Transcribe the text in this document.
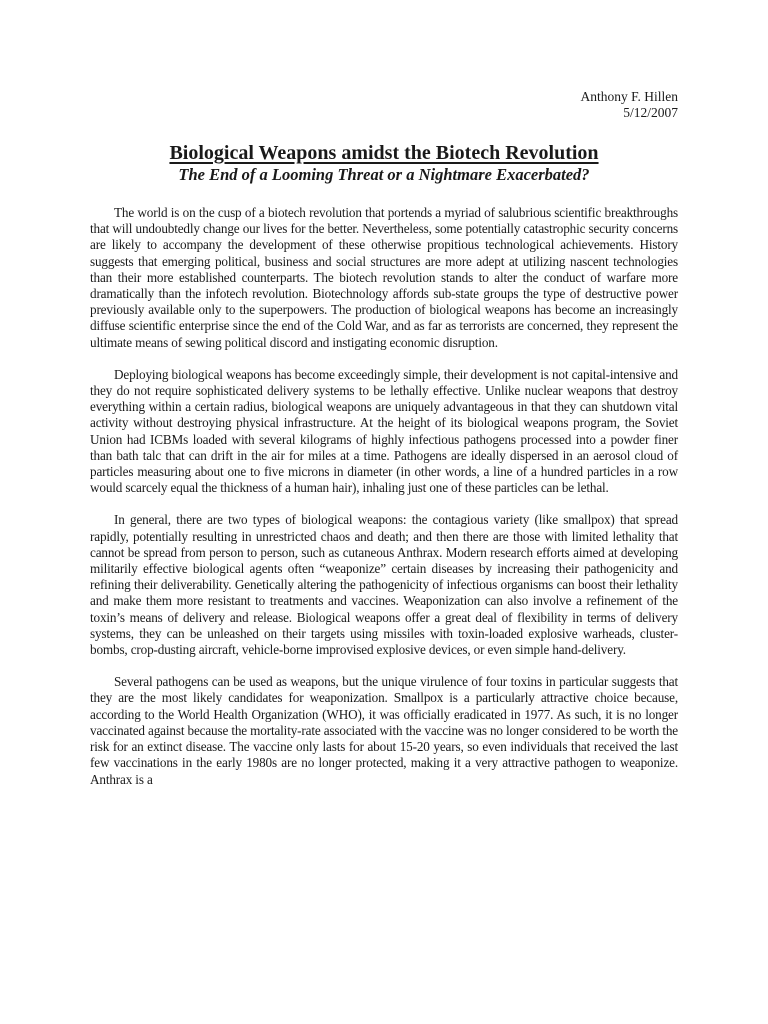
Anthony F. Hillen
5/12/2007
Biological Weapons amidst the Biotech Revolution
The End of a Looming Threat or a Nightmare Exacerbated?

The world is on the cusp of a biotech revolution that portends a myriad of salubrious scientific breakthroughs that will undoubtedly change our lives for the better. Nevertheless, some potentially catastrophic security concerns are likely to accompany the development of these otherwise propitious technological achievements. History suggests that emerging political, business and social structures are more adept at utilizing nascent technologies than their more established counterparts. The biotech revolution stands to alter the conduct of warfare more dramatically than the infotech revolution. Biotechnology affords sub-state groups the type of destructive power previously available only to the superpowers. The production of biological weapons has become an increasingly diffuse scientific enterprise since the end of the Cold War, and as far as terrorists are concerned, they represent the ultimate means of sewing political discord and instigating economic disruption.

Deploying biological weapons has become exceedingly simple, their development is not capital-intensive and they do not require sophisticated delivery systems to be lethally effective. Unlike nuclear weapons that destroy everything within a certain radius, biological weapons are uniquely advantageous in that they can shutdown vital activity without destroying physical infrastructure. At the height of its biological weapons program, the Soviet Union had ICBMs loaded with several kilograms of highly infectious pathogens processed into a powder finer than bath talc that can drift in the air for miles at a time. Pathogens are ideally dispersed in an aerosol cloud of particles measuring about one to five microns in diameter (in other words, a line of a hundred particles in a row would scarcely equal the thickness of a human hair), inhaling just one of these particles can be lethal.

In general, there are two types of biological weapons: the contagious variety (like smallpox) that spread rapidly, potentially resulting in unrestricted chaos and death; and then there are those with limited lethality that cannot be spread from person to person, such as cutaneous Anthrax. Modern research efforts aimed at developing militarily effective biological agents often “weaponize” certain diseases by increasing their pathogenicity and refining their deliverability. Genetically altering the pathogenicity of infectious organisms can boost their lethality and make them more resistant to treatments and vaccines. Weaponization can also involve a refinement of the toxin’s means of delivery and release. Biological weapons offer a great deal of flexibility in terms of delivery systems, they can be unleashed on their targets using missiles with toxin-loaded explosive warheads, cluster-bombs, crop-dusting aircraft, vehicle-borne improvised explosive devices, or even simple hand-delivery.

Several pathogens can be used as weapons, but the unique virulence of four toxins in particular suggests that they are the most likely candidates for weaponization. Smallpox is a particularly attractive choice because, according to the World Health Organization (WHO), it was officially eradicated in 1977. As such, it is no longer vaccinated against because the mortality-rate associated with the vaccine was no longer considered to be worth the risk for an extinct disease. The vaccine only lasts for about 15-20 years, so even individuals that received the last few vaccinations in the early 1980s are no longer protected, making it a very attractive pathogen to weaponize. Anthrax is a
